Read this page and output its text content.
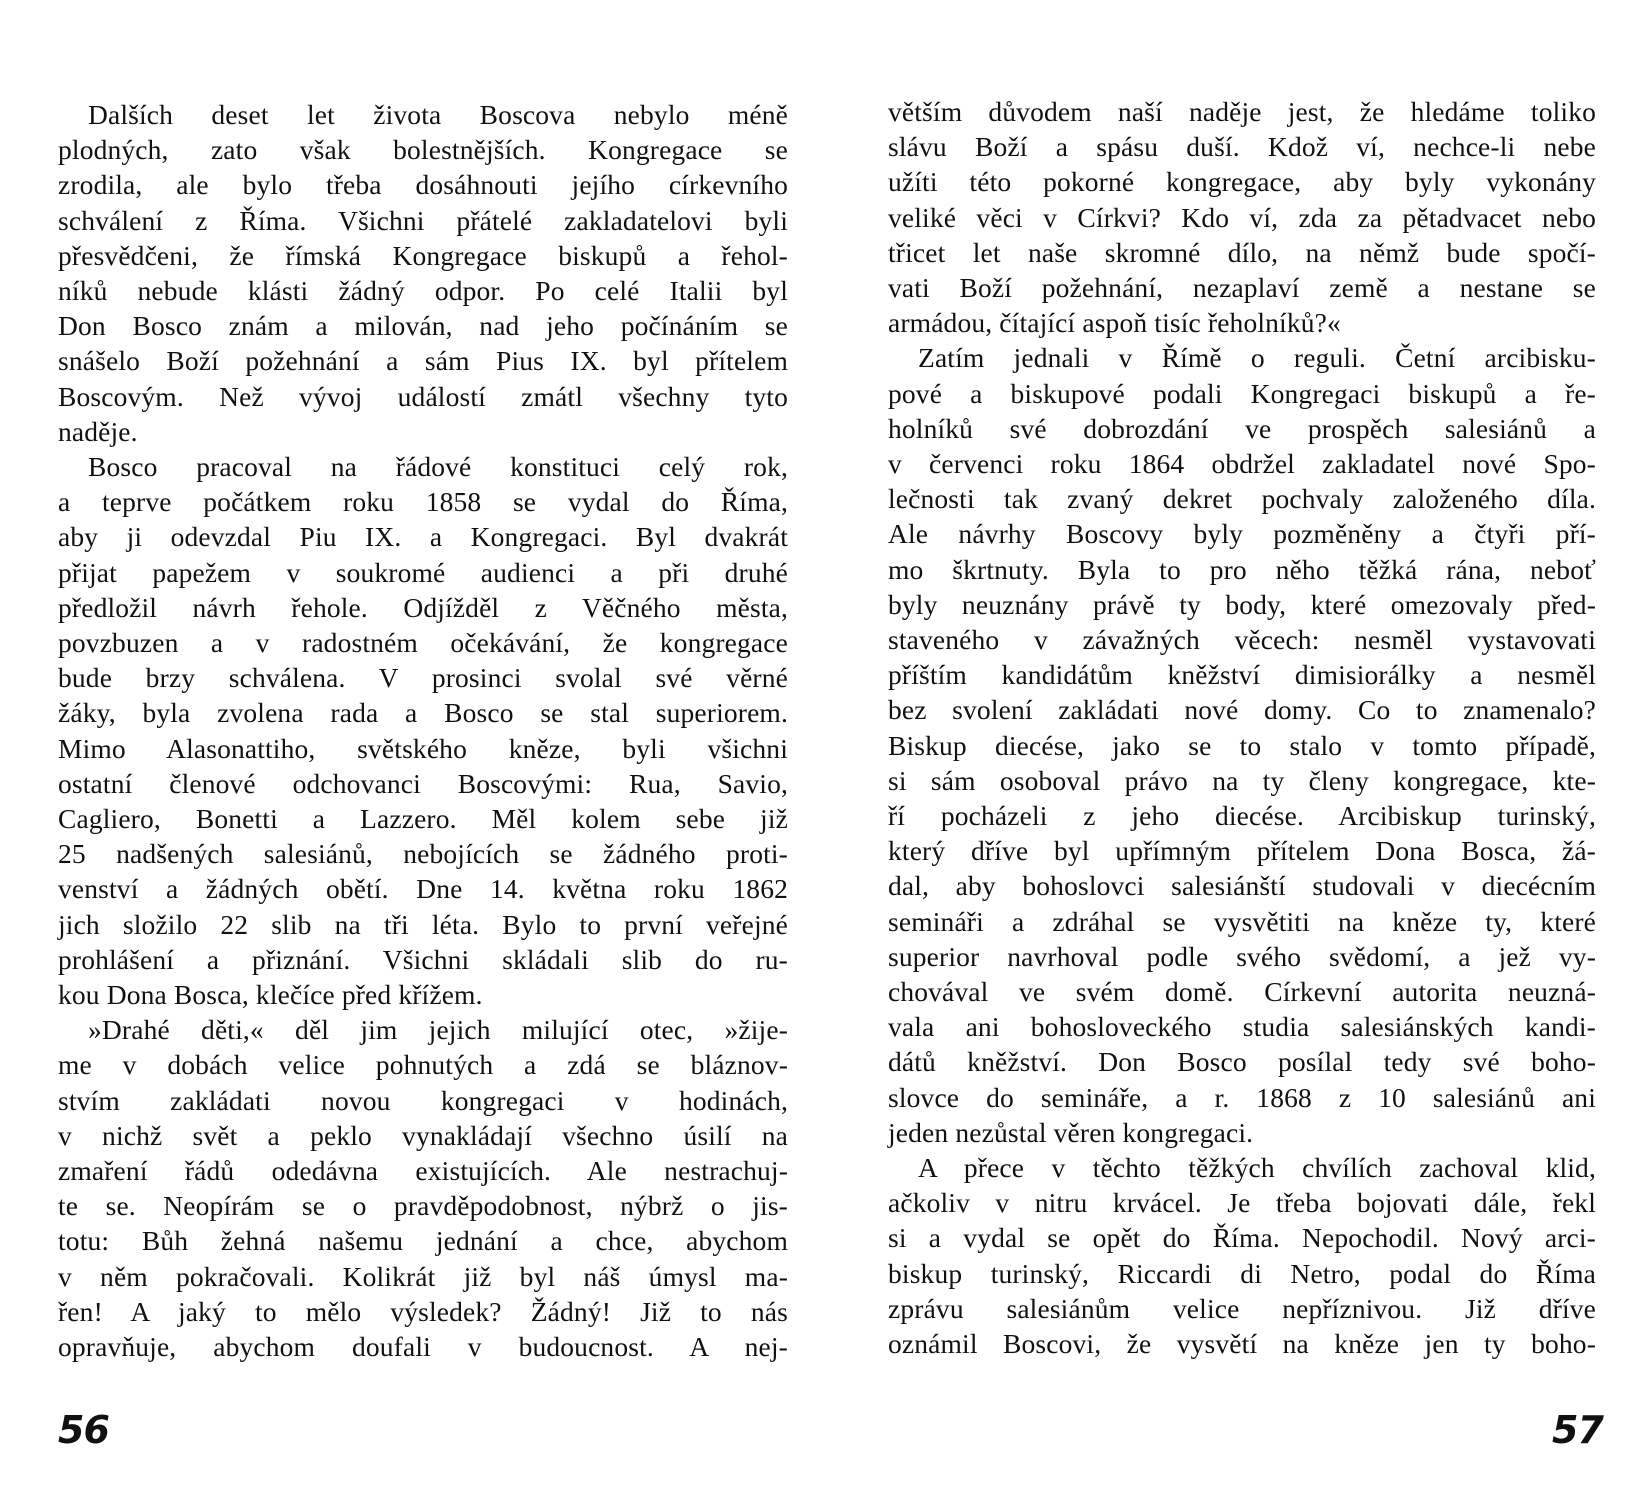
Dalších deset let života Boscova nebylo méně
plodných, zato však bolestnějších. Kongregace se
zrodila, ale bylo třeba dosáhnouti jejího církevního
schválení z Říma. Všichni přátelé zakladatelovi byli
přesvědčeni, že římská Kongregace biskupů a řehol-
níků nebude klásti žádný odpor. Po celé Italii byl
Don Bosco znám a milován, nad jeho počínáním se
snášelo Boží požehnání a sám Pius IX. byl přítelem
Boscovým. Než vývoj událostí zmátl všechny tyto
naděje.
Bosco pracoval na řádové konstituci celý rok,
a teprve počátkem roku 1858 se vydal do Říma,
aby ji odevzdal Piu IX. a Kongregaci. Byl dvakrát
přijat papežem v soukromé audienci a při druhé
předložil návrh řehole. Odjížděl z Věčného města,
povzbuzen a v radostném očekávání, že kongregace
bude brzy schválena. V prosinci svolal své věrné
žáky, byla zvolena rada a Bosco se stal superiorem.
Mimo Alasonattiho, světského kněze, byli všichni
ostatní členové odchovanci Boscovými: Rua, Savio,
Cagliero, Bonetti a Lazzero. Měl kolem sebe již
25 nadšených salesiánů, nebojících se žádného proti-
venství a žádných obětí. Dne 14. května roku 1862
jich složilo 22 slib na tři léta. Bylo to první veřejné
prohlášení a přiznání. Všichni skládali slib do ru-
kou Dona Bosca, klečíce před křížem.
»Drahé děti,« děl jim jejich milující otec, »žije-
me v dobách velice pohnutých a zdá se bláznov-
stvím zakládati novou kongregaci v hodinách,
v nichž svět a peklo vynakládají všechno úsilí na
zmaření řádů odedávna existujících. Ale nestrachuj-
te se. Neopírám se o pravděpodobnost, nýbrž o jis-
totu: Bůh žehná našemu jednání a chce, abychom
v něm pokračovali. Kolikrát již byl náš úmysl ma-
řen! A jaký to mělo výsledek? Žádný! Již to nás
opravňuje, abychom doufali v budoucnost. A nej-
větším důvodem naší naděje jest, že hledáme toliko
slávu Boží a spásu duší. Kdož ví, nechce-li nebe
užíti této pokorné kongregace, aby byly vykonány
veliké věci v Církvi? Kdo ví, zda za pětadvacet nebo
třicet let naše skromné dílo, na němž bude spočí-
vati Boží požehnání, nezaplaví země a nestane se
armádou, čítající aspoň tisíc řeholníků?«
Zatím jednali v Římě o reguli. Četní arcibisku-
pové a biskupové podali Kongregaci biskupů a ře-
holníků své dobrozdání ve prospěch salesiánů a
v červenci roku 1864 obdržel zakladatel nové Spo-
lečnosti tak zvaný dekret pochvaly založeného díla.
Ale návrhy Boscovy byly pozměněny a čtyři pří-
mo škrtnuty. Byla to pro něho těžká rána, neboť
byly neuznány právě ty body, které omezovaly před-
staveného v závažných věcech: nesměl vystavovati
příštím kandidátům kněžství dimisiorálky a nesměl
bez svolení zakládati nové domy. Co to znamenalo?
Biskup diecése, jako se to stalo v tomto případě,
si sám osoboval právo na ty členy kongregace, kte-
ří pocházeli z jeho diecése. Arcibiskup turinský,
který dříve byl upřímným přítelem Dona Bosca, žá-
dal, aby bohoslovci salesiánští studovali v diecécním
semináři a zdráhal se vysvětiti na kněze ty, které
superior navrhoval podle svého svědomí, a jež vy-
chovával ve svém domě. Církevní autorita neuzná-
vala ani bohosloveckého studia salesiánských kandi-
dátů kněžství. Don Bosco posílal tedy své boho-
slovce do semináře, a r. 1868 z 10 salesiánů ani
jeden nezůstal věren kongregaci.
A přece v těchto těžkých chvílích zachoval klid,
ačkoliv v nitru krvácel. Je třeba bojovati dále, řekl
si a vydal se opět do Říma. Nepochodil. Nový arci-
biskup turinský, Riccardi di Netro, podal do Říma
zprávu salesiánům velice nepříznivou. Již dříve
oznámil Boscovi, že vysvětí na kněze jen ty boho-
56	57
